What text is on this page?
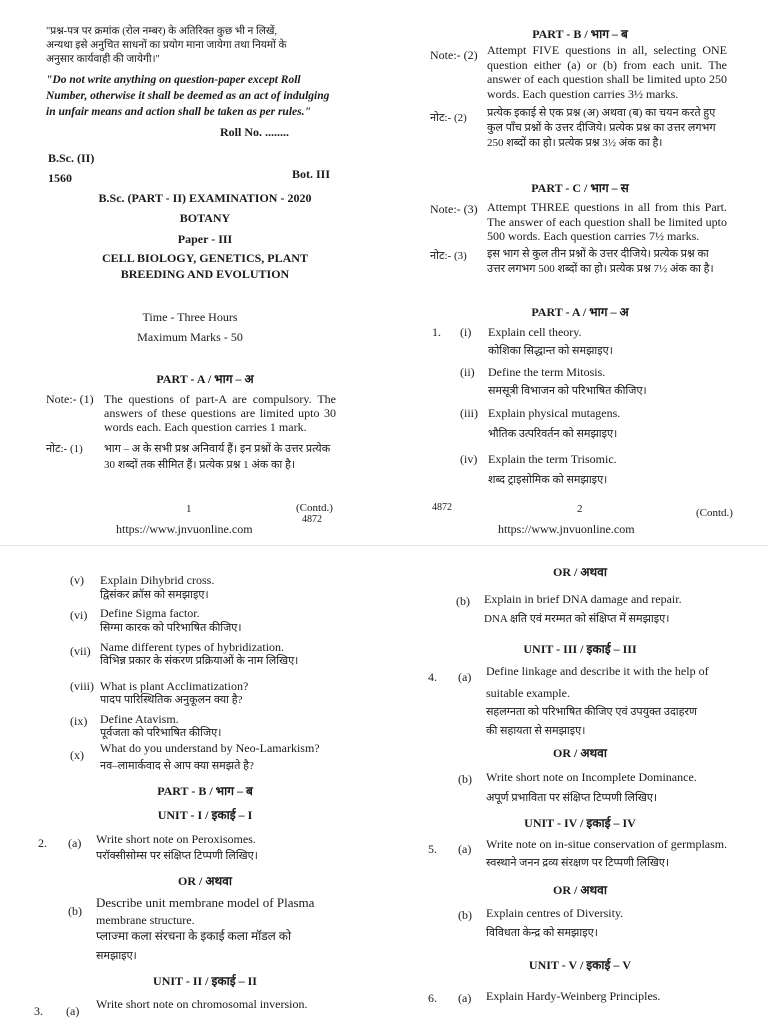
"प्रश्न-पत्र पर क्रमांक (रोल नम्बर) के अतिरिक्त कुछ भी न लिखें,
अन्यथा इसे अनुचित साधनों का प्रयोग माना जायेगा तथा नियमों के
अनुसार कार्यवाही की जायेगी।"
"Do not write anything on question-paper except Roll
Number, otherwise it shall be deemed as an act of indulging
in unfair means and action shall be taken as per rules."
Roll No. ........
B.Sc. (II)
1560	Bot. III
B.Sc. (PART - II) EXAMINATION - 2020
BOTANY
Paper - III
CELL BIOLOGY, GENETICS, PLANT
BREEDING AND EVOLUTION
Time - Three Hours
Maximum Marks - 50
PART - A / भाग – अ
Note:- (1) The questions of part-A are compulsory. The answers of these questions are limited upto 30 words each. Each question carries 1 mark.
नोट:- (1) भाग – अ के सभी प्रश्न अनिवार्य हैं। इन प्रश्नों के उत्तर प्रत्येक 30 शब्दों तक सीमित हैं। प्रत्येक प्रश्न 1 अंक का है।
1	(Contd.)
4872
https://www.jnvuonline.com
PART - B / भाग – ब
Note:- (2) Attempt FIVE questions in all, selecting ONE question either (a) or (b) from each unit. The answer of each question shall be limited upto 250 words. Each question carries 3½ marks.
नोट:- (2) प्रत्येक इकाई से एक प्रश्न (अ) अथवा (ब) का चयन करते हुए कुल पाँच प्रश्नों के उत्तर दीजिये। प्रत्येक प्रश्न का उत्तर लगभग 250 शब्दों का हो। प्रत्येक प्रश्न 3½ अंक का है।
PART - C / भाग – स
Note:- (3) Attempt THREE questions in all from this Part. The answer of each question shall be limited upto 500 words. Each question carries 7½ marks.
नोट:- (3) इस भाग से कुल तीन प्रश्नों के उत्तर दीजिये। प्रत्येक प्रश्न का उत्तर लगभग 500 शब्दों का हो। प्रत्येक प्रश्न 7½ अंक का है।
PART - A / भाग – अ
1. (i) Explain cell theory.
कोशिका सिद्धान्त को समझाइए।
(ii) Define the term Mitosis.
समसूत्री विभाजन को परिभाषित कीजिए।
(iii) Explain physical mutagens.
भौतिक उत्परिवर्तन को समझाइए।
(iv) Explain the term Trisomic.
शब्द ट्राइसोमिक को समझाइए।
4872	2	(Contd.)
https://www.jnvuonline.com
(v) Explain Dihybrid cross.
द्विसंकर क्रॉस को समझाइए।
(vi) Define Sigma factor.
सिग्मा कारक को परिभाषित कीजिए।
(vii) Name different types of hybridization.
विभिन्न प्रकार के संकरण प्रक्रियाओं के नाम लिखिए।
(viii) What is plant Acclimatization?
पादप पारिस्थितिक अनुकूलन क्या है?
(ix) Define Atavism.
पूर्वजता को परिभाषित कीजिए।
(x) What do you understand by Neo-Lamarkism?
नव–लामार्कवाद से आप क्या समझते है?
PART - B / भाग – ब
UNIT - I / इकाई – I
2. (a) Write short note on Peroxisomes.
परॉक्सीसोम्स पर संक्षिप्त टिप्पणी लिखिए।
OR / अथवा
(b)
Describe unit membrane model of Plasma
membrane structure.
प्लाज्मा कला संरचना के इकाई कला मॉडल को
समझाइए।
UNIT - II / इकाई – II
3. (a) Write short note on chromosomal inversion.
OR / अथवा
(b) Explain in brief DNA damage and repair.
DNA क्षति एवं मरम्मत को संक्षिप्त में समझाइए।
UNIT - III / इकाई – III
4. (a) Define linkage and describe it with the help of
suitable example.
सहलग्नता को परिभाषित कीजिए एवं उपयुक्त उदाहरण
की सहायता से समझाइए।
OR / अथवा
(b) Write short note on Incomplete Dominance.
अपूर्ण प्रभाविता पर संक्षिप्त टिप्पणी लिखिए।
UNIT - IV / इकाई – IV
5. (a) Write note on in-situe conservation of germplasm.
स्वस्थाने जनन द्रव्य संरक्षण पर टिप्पणी लिखिए।
OR / अथवा
(b) Explain centres of Diversity.
विविधता केन्द्र को समझाइए।
UNIT - V / इकाई – V
6. (a) Explain Hardy-Weinberg Principles.
